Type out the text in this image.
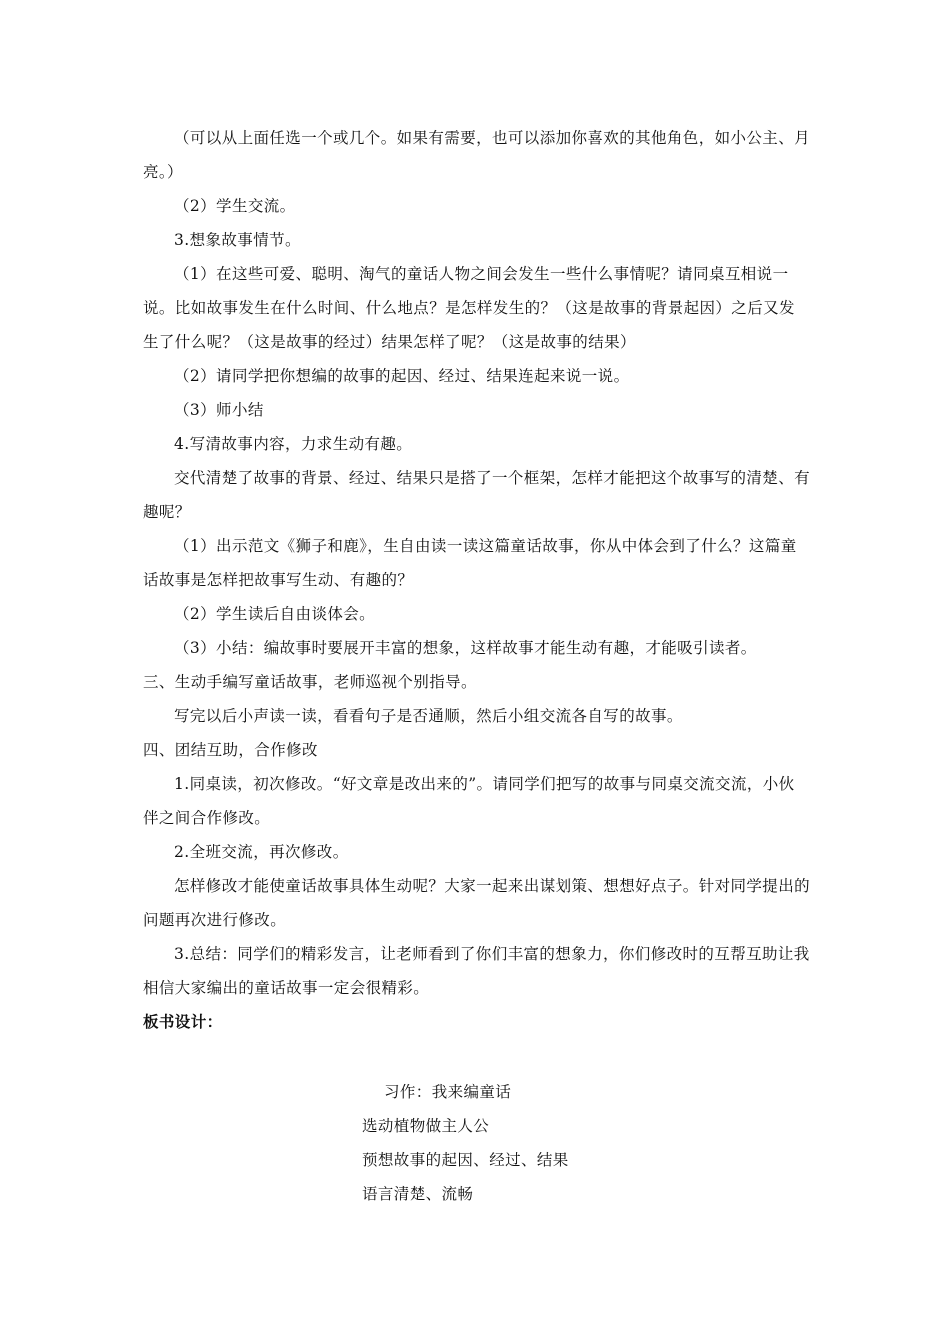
（可以从上面任选一个或几个。如果有需要，也可以添加你喜欢的其他角色，如小公主、月亮。）

（2）学生交流。

3.想象故事情节。

（1）在这些可爱、聪明、淘气的童话人物之间会发生一些什么事情呢？请同桌互相说一说。比如故事发生在什么时间、什么地点？是怎样发生的？（这是故事的背景起因）之后又发生了什么呢？（这是故事的经过）结果怎样了呢？（这是故事的结果）

（2）请同学把你想编的故事的起因、经过、结果连起来说一说。

（3）师小结

4.写清故事内容，力求生动有趣。

交代清楚了故事的背景、经过、结果只是搭了一个框架，怎样才能把这个故事写的清楚、有趣呢？

（1）出示范文《狮子和鹿》，生自由读一读这篇童话故事，你从中体会到了什么？这篇童话故事是怎样把故事写生动、有趣的？

（2）学生读后自由谈体会。

（3）小结：编故事时要展开丰富的想象，这样故事才能生动有趣，才能吸引读者。

三、生动手编写童话故事，老师巡视个别指导。

写完以后小声读一读，看看句子是否通顺，然后小组交流各自写的故事。

四、团结互助，合作修改

1.同桌读，初次修改。“好文章是改出来的”。请同学们把写的故事与同桌交流交流，小伙伴之间合作修改。

2.全班交流，再次修改。

怎样修改才能使童话故事具体生动呢？大家一起来出谋划策、想想好点子。针对同学提出的问题再次进行修改。

3.总结：同学们的精彩发言，让老师看到了你们丰富的想象力，你们修改时的互帮互助让我相信大家编出的童话故事一定会很精彩。

板书设计：

习作：我来编童话
选动植物做主人公
预想故事的起因、经过、结果
语言清楚、流畅
